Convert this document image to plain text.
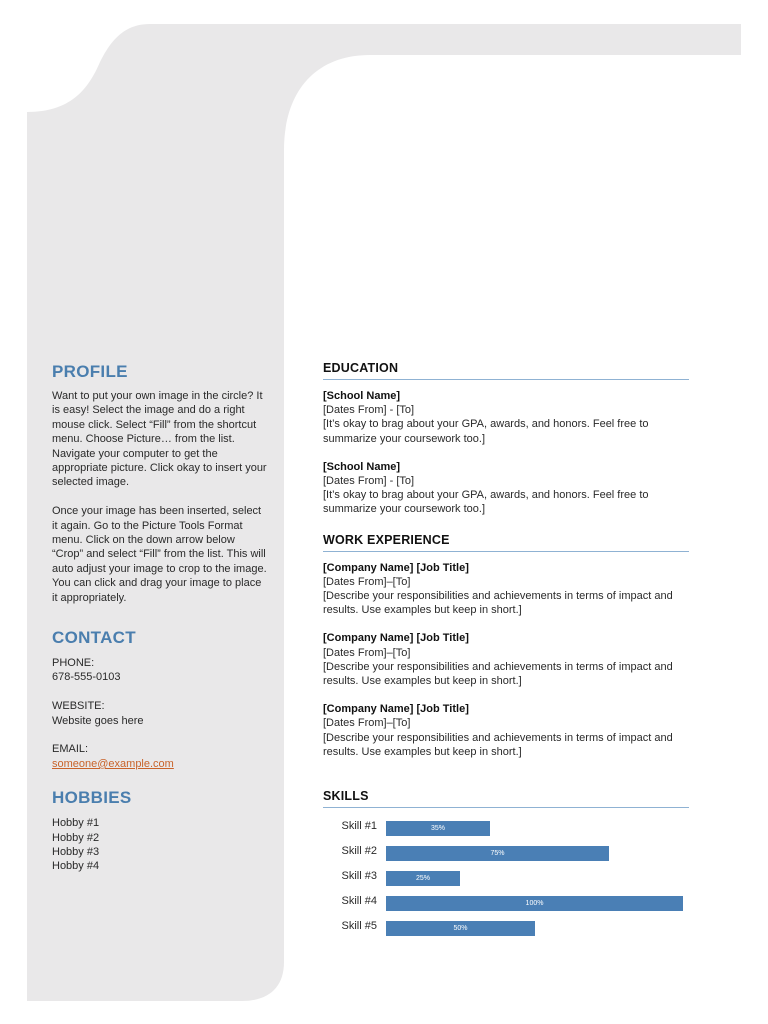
PROFILE

Want to put your own image in the circle? It is easy! Select the image and do a right mouse click. Select “Fill” from the shortcut menu. Choose Picture… from the list. Navigate your computer to get the appropriate picture. Click okay to insert your selected image.

Once your image has been inserted, select it again. Go to the Picture Tools Format menu. Click on the down arrow below “Crop” and select “Fill” from the list. This will auto adjust your image to crop to the image. You can click and drag your image to place it appropriately.

CONTACT
PHONE:
678-555-0103
WEBSITE:
Website goes here
EMAIL:
someone@example.com
HOBBIES
Hobby #1
Hobby #2
Hobby #3
Hobby #4
EDUCATION
[School Name]
[Dates From] - [To]
[It’s okay to brag about your GPA, awards, and honors. Feel free to summarize your coursework too.]
[School Name]
[Dates From] - [To]
[It’s okay to brag about your GPA, awards, and honors. Feel free to summarize your coursework too.]
WORK EXPERIENCE
[Company Name] [Job Title]
[Dates From]–[To]
[Describe your responsibilities and achievements in terms of impact and results. Use examples but keep in short.]
[Company Name] [Job Title]
[Dates From]–[To]
[Describe your responsibilities and achievements in terms of impact and results. Use examples but keep in short.]
[Company Name] [Job Title]
[Dates From]–[To]
[Describe your responsibilities and achievements in terms of impact and results. Use examples but keep in short.]
SKILLS
Skill #1	35%
Skill #2	75%
Skill #3	25%
Skill #4	100%
Skill #5	50%
